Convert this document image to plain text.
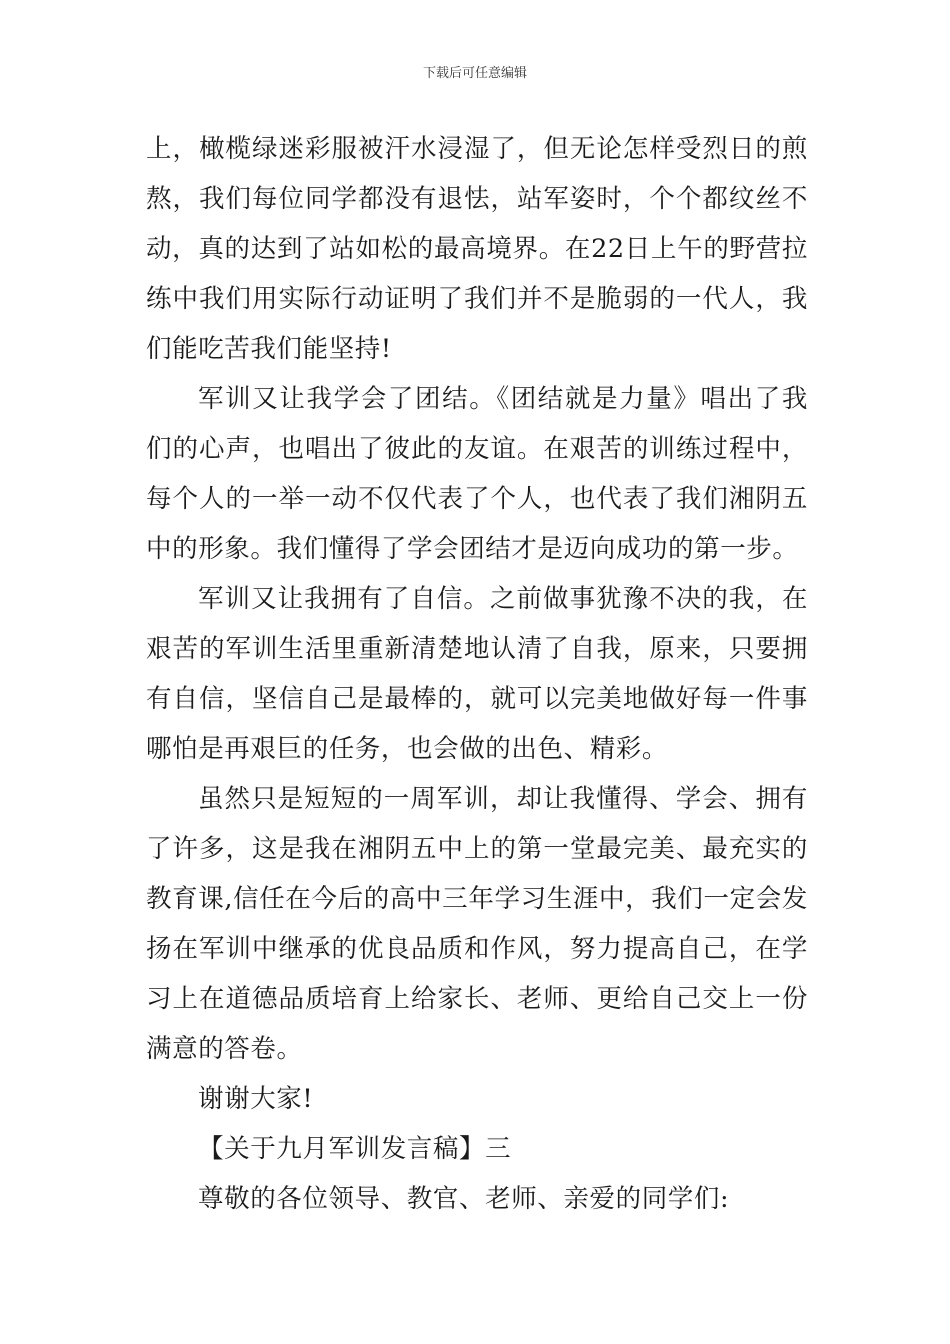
下载后可任意编辑

上，橄榄绿迷彩服被汗水浸湿了，但无论怎样受烈日的煎熬，我们每位同学都没有退怯，站军姿时，个个都纹丝不动，真的达到了站如松的最高境界。在22日上午的野营拉练中我们用实际行动证明了我们并不是脆弱的一代人，我们能吃苦我们能坚持!

军训又让我学会了团结。《团结就是力量》唱出了我们的心声，也唱出了彼此的友谊。在艰苦的训练过程中，每个人的一举一动不仅代表了个人，也代表了我们湘阴五中的形象。我们懂得了学会团结才是迈向成功的第一步。

军训又让我拥有了自信。之前做事犹豫不决的我，在艰苦的军训生活里重新清楚地认清了自我，原来，只要拥有自信，坚信自己是最棒的，就可以完美地做好每一件事哪怕是再艰巨的任务，也会做的出色、精彩。

虽然只是短短的一周军训，却让我懂得、学会、拥有了许多，这是我在湘阴五中上的第一堂最完美、最充实的教育课,信任在今后的高中三年学习生涯中，我们一定会发扬在军训中继承的优良品质和作风，努力提高自己，在学习上在道德品质培育上给家长、老师、更给自己交上一份满意的答卷。

谢谢大家!

【关于九月军训发言稿】三

尊敬的各位领导、教官、老师、亲爱的同学们:
